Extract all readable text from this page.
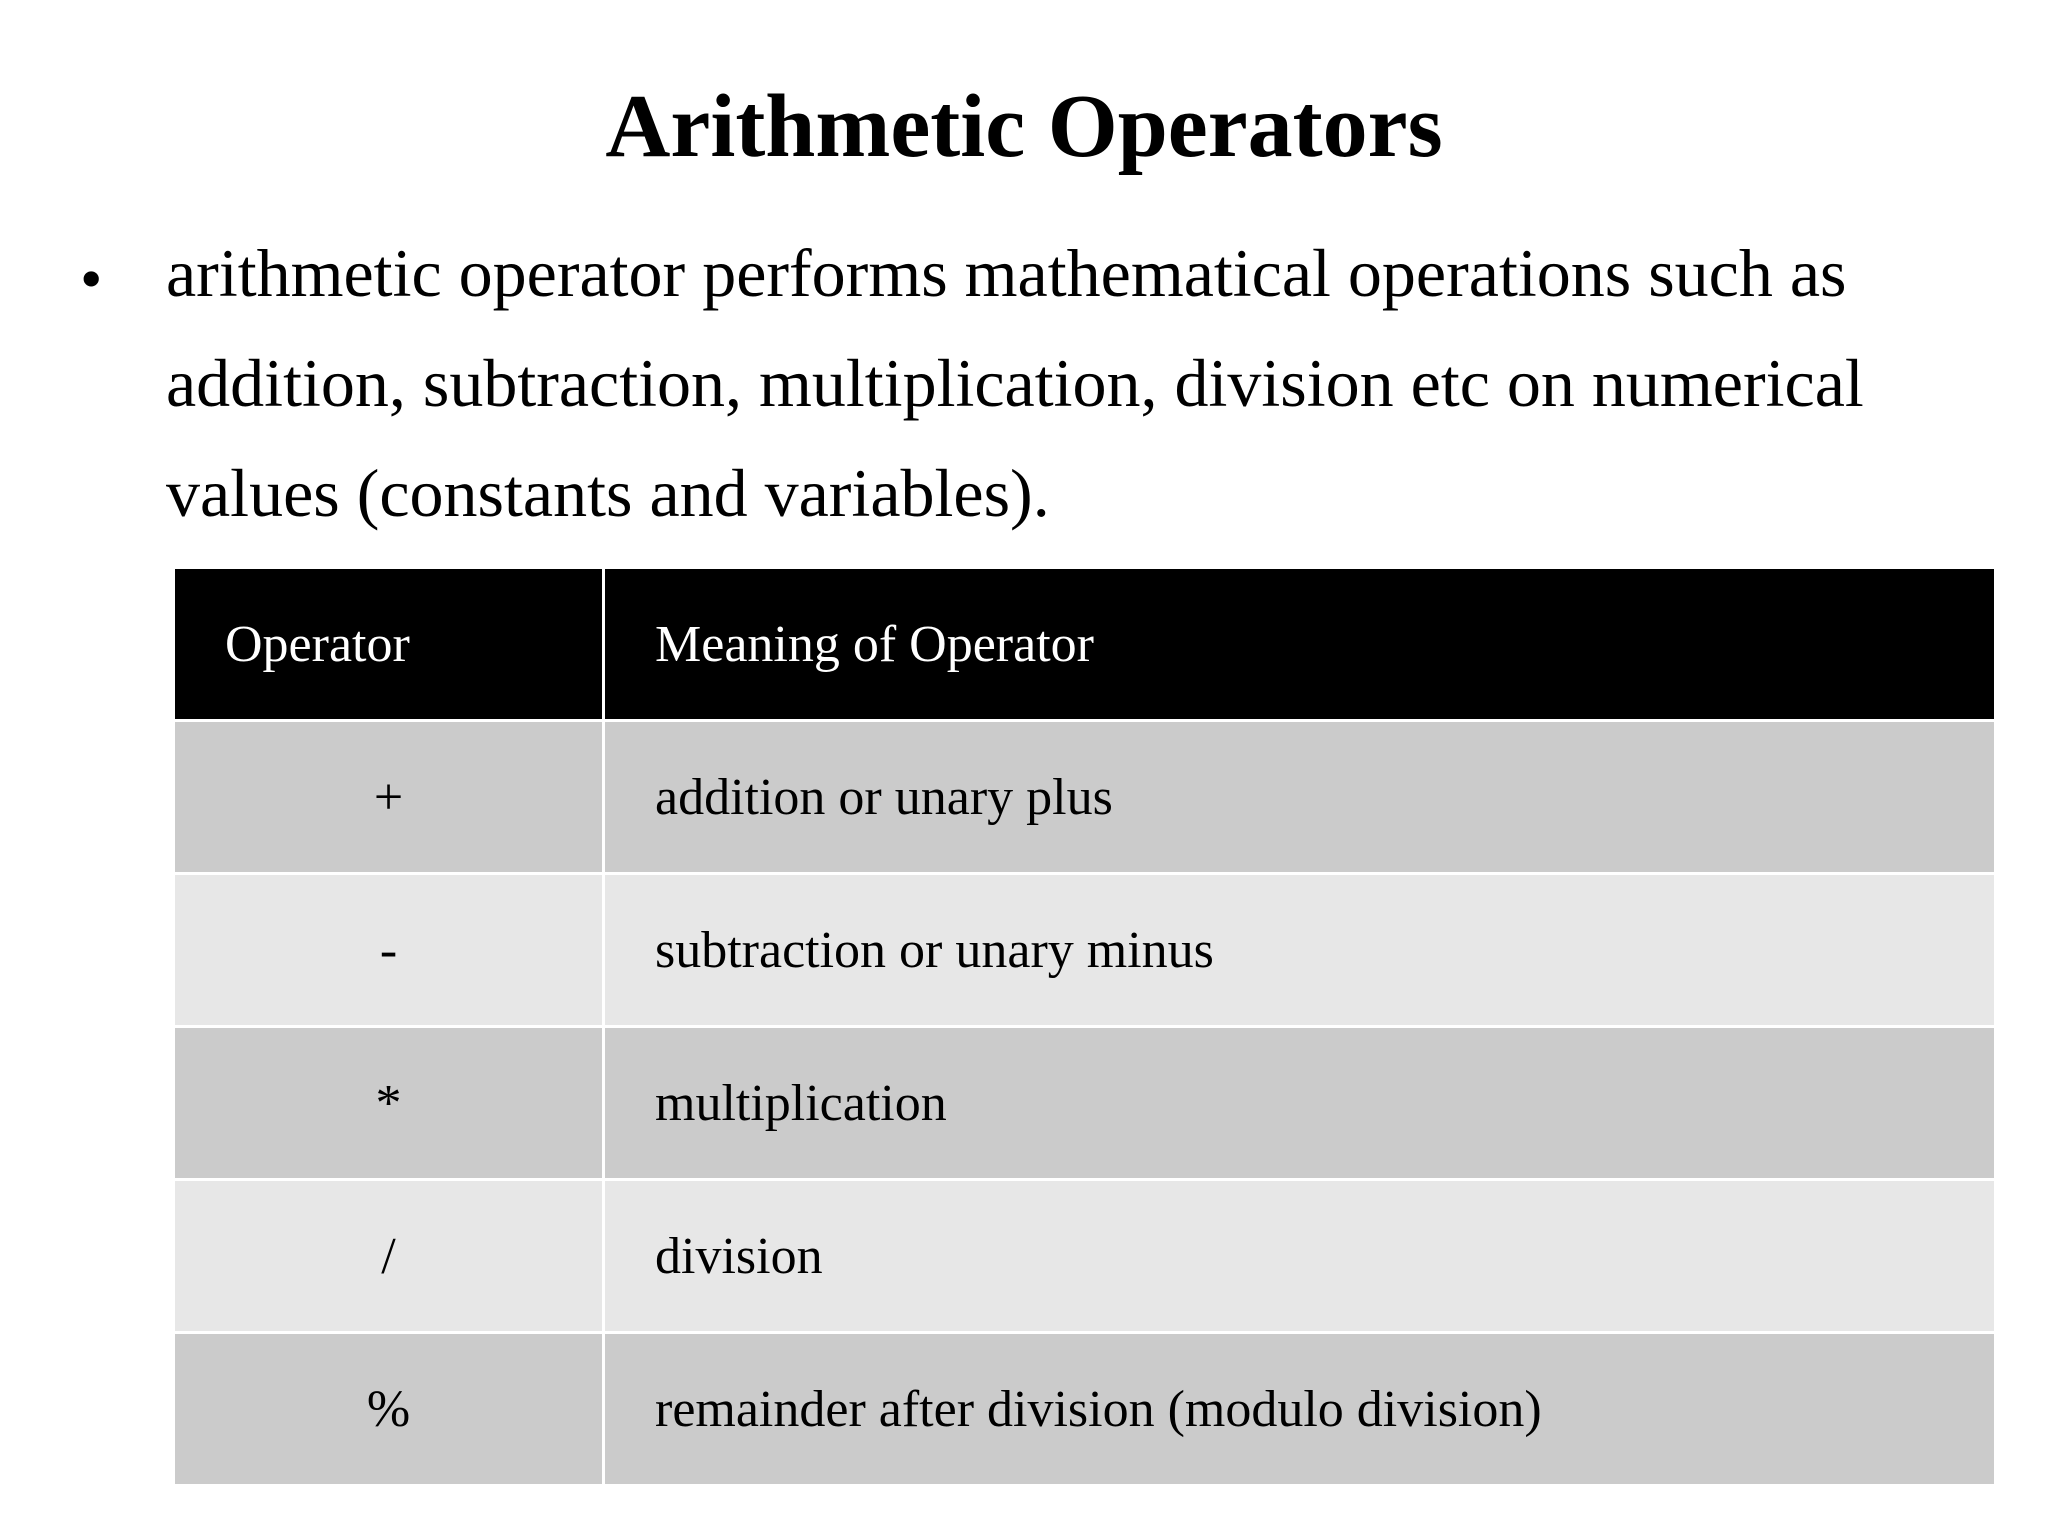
Arithmetic Operators
• arithmetic operator performs mathematical operations such as addition, subtraction, multiplication, division etc on numerical values (constants and variables).

Operator	Meaning of Operator
+	addition or unary plus
-	subtraction or unary minus
*	multiplication
/	division
%	remainder after division (modulo division)
